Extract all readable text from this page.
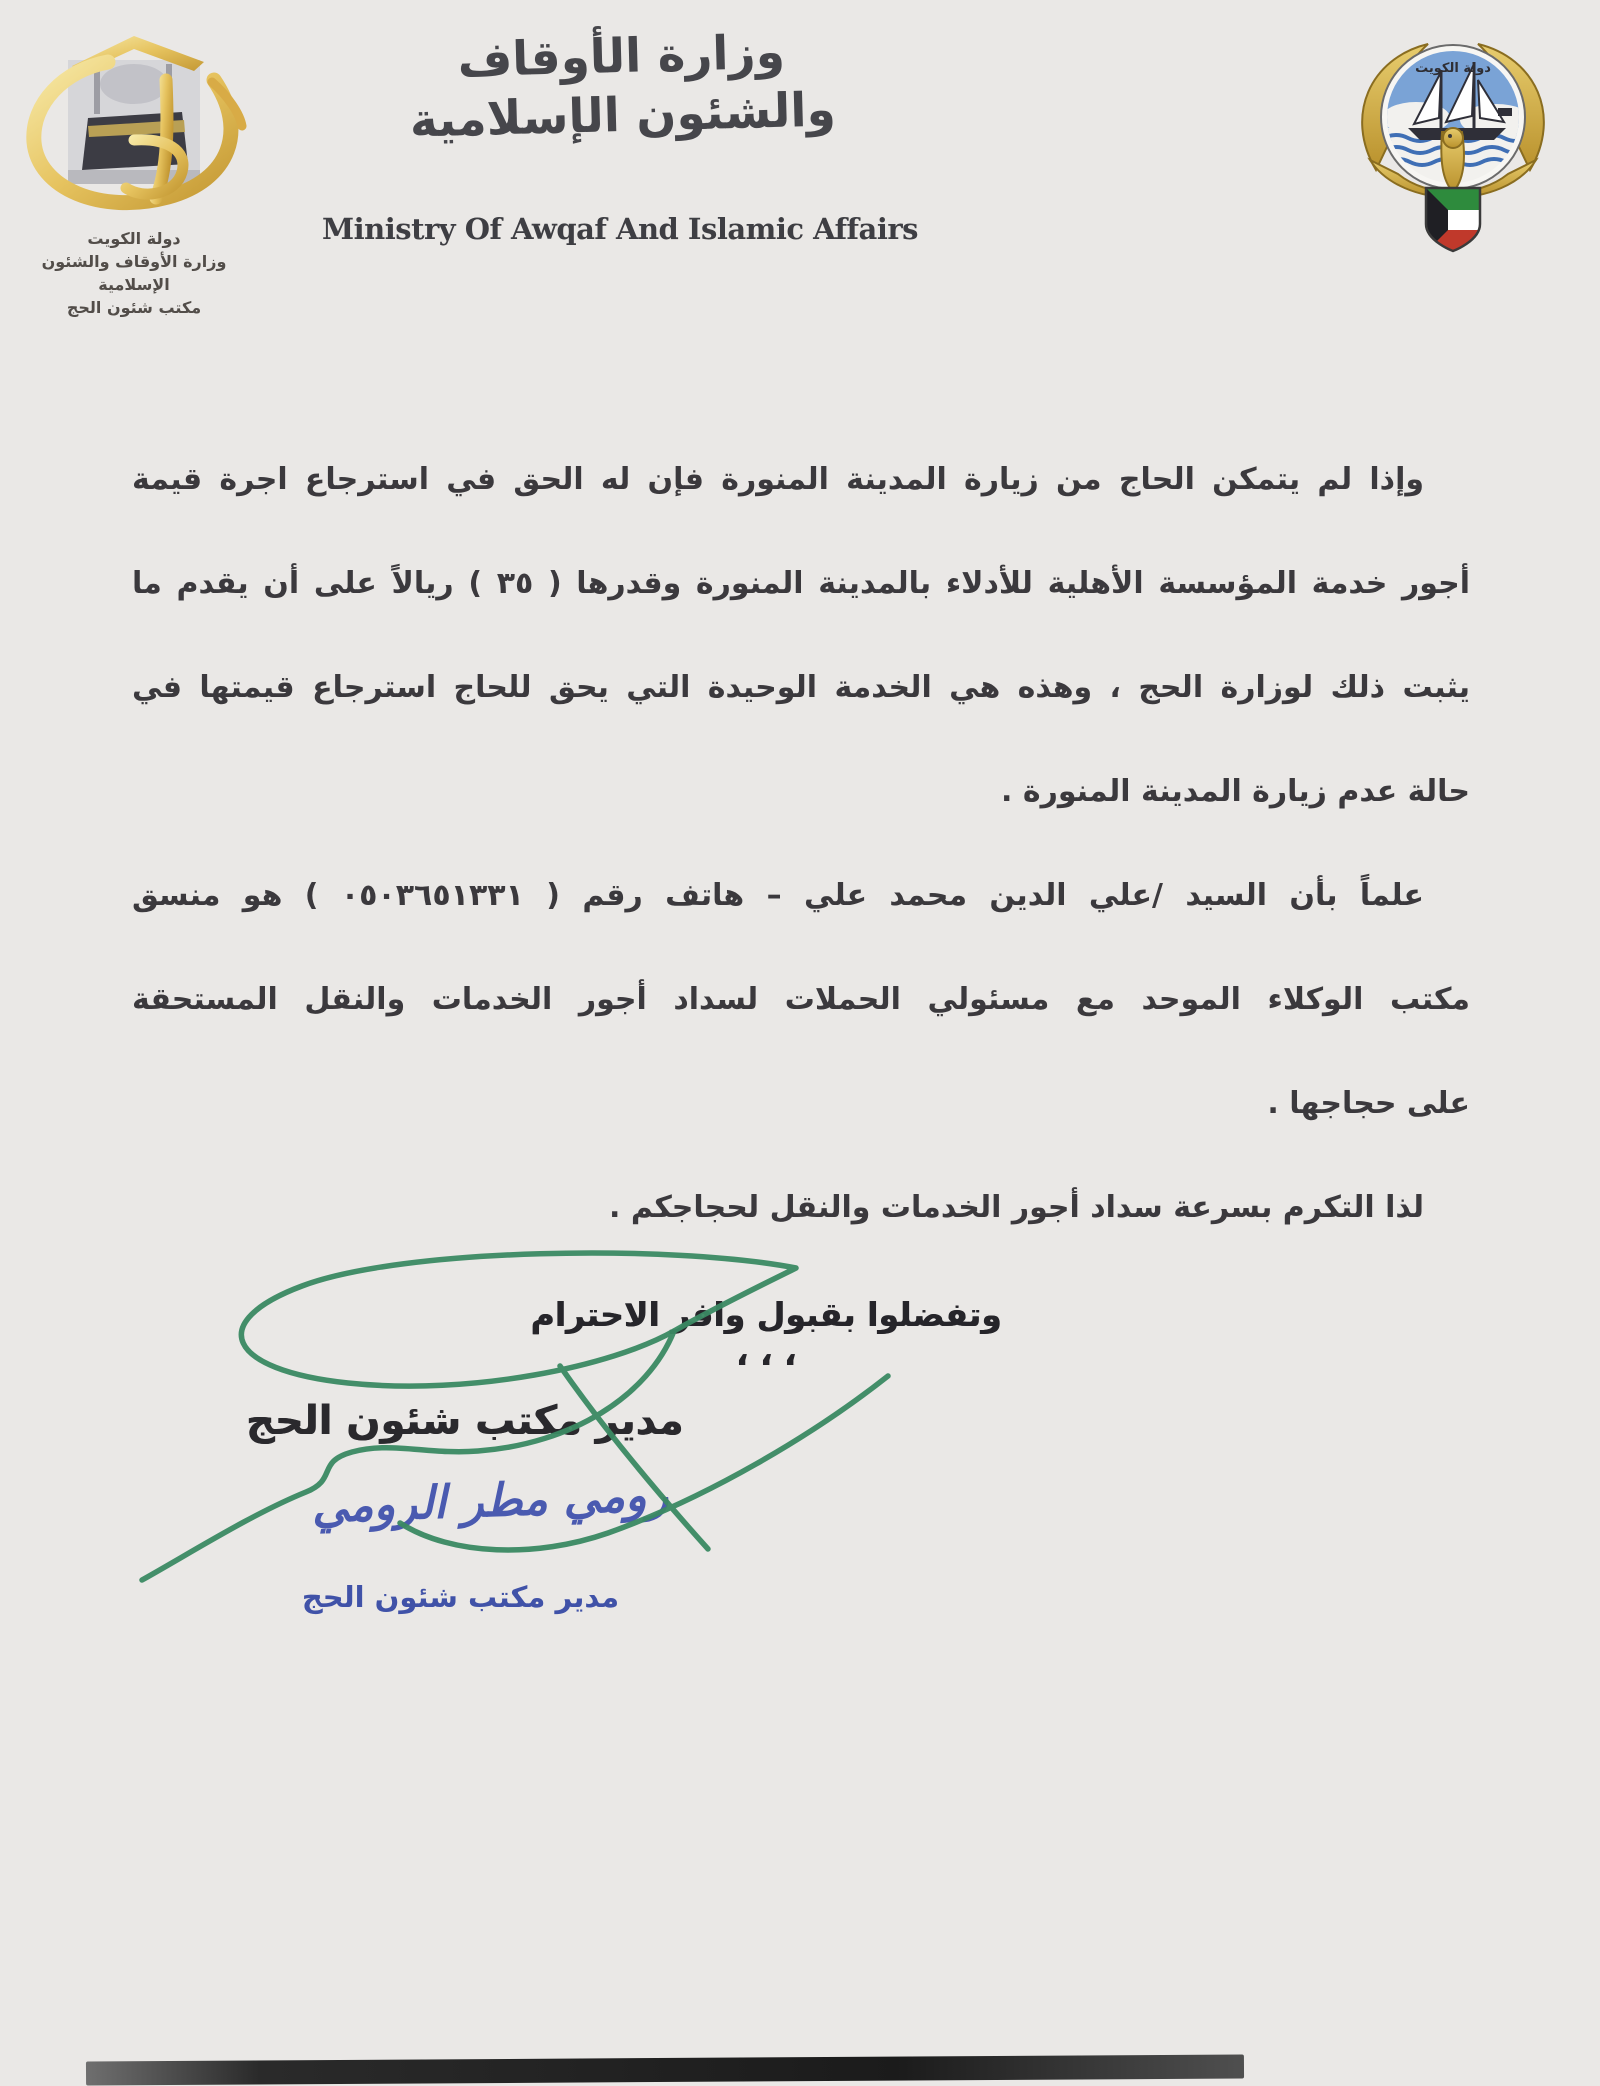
دولة الكويت
وزارة الأوقاف والشئون الإسلامية
مكتب شئون الحج
وزارة الأوقاف والشئون الإسلامية
Ministry Of Awqaf And Islamic Affairs
دولة الكويت
وإذا لم يتمكن الحاج من زيارة المدينة المنورة فإن له الحق في استرجاع اجرة قيمة
أجور خدمة المؤسسة الأهلية للأدلاء بالمدينة المنورة وقدرها ( ٣٥ ) ريالاً على أن يقدم ما
يثبت ذلك لوزارة الحج ، وهذه هي الخدمة الوحيدة التي يحق للحاج استرجاع قيمتها في
حالة عدم زيارة المدينة المنورة .
علماً بأن السيد /علي الدين محمد علي – هاتف رقم ( ٠٥٠٣٦٥١٣٣١ ) هو منسق
مكتب الوكلاء الموحد مع مسئولي الحملات لسداد أجور الخدمات والنقل المستحقة
على حجاجها .
لذا التكرم بسرعة سداد أجور الخدمات والنقل لحجاجكم .
وتفضلوا بقبول وافر الاحترام ، ، ،
مدير مكتب شئون الحج
رومي مطر الرومي
مدير مكتب شئون الحج
